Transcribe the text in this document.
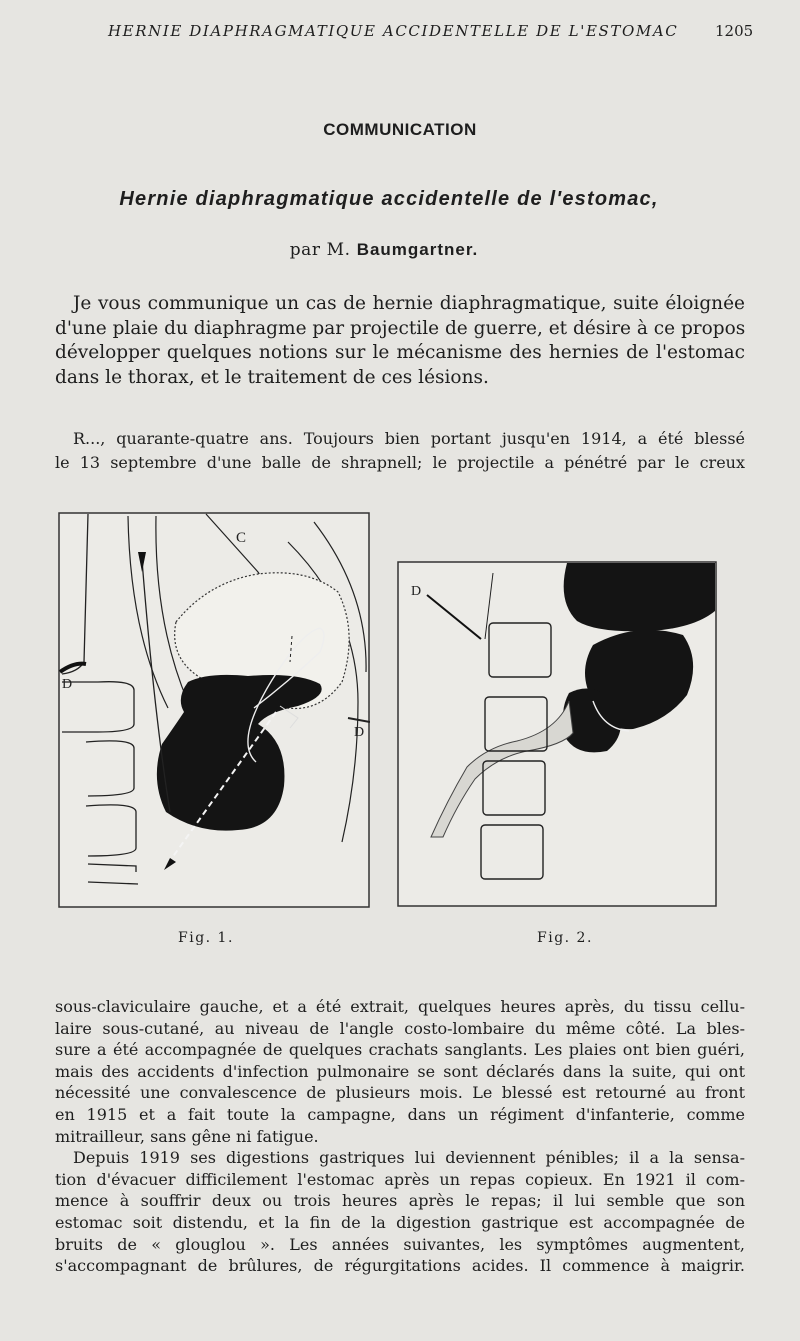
HERNIE DIAPHRAGMATIQUE ACCIDENTELLE DE L'ESTOMAC 1205
COMMUNICATION
Hernie diaphragmatique accidentelle de l'estomac,
par M. Baumgartner.
Je vous communique un cas de hernie diaphragmatique, suite éloignée
d'une plaie du diaphragme par projectile de guerre, et désire à ce propos
développer quelques notions sur le mécanisme des hernies de l'estomac
dans le thorax, et le traitement de ces lésions.
R..., quarante-quatre ans. Toujours bien portant jusqu'en 1914, a été blessé
le 13 septembre d'une balle de shrapnell; le projectile a pénétré par le creux
C
D
D
Fig. 1.
D
Fig. 2.
sous-claviculaire gauche, et a été extrait, quelques heures après, du tissu cellu-
laire sous-cutané, au niveau de l'angle costo-lombaire du même côté. La bles-
sure a été accompagnée de quelques crachats sanglants. Les plaies ont bien guéri,
mais des accidents d'infection pulmonaire se sont déclarés dans la suite, qui ont
nécessité une convalescence de plusieurs mois. Le blessé est retourné au front
en 1915 et a fait toute la campagne, dans un régiment d'infanterie, comme
mitrailleur, sans gêne ni fatigue.
Depuis 1919 ses digestions gastriques lui deviennent pénibles; il a la sensa-
tion d'évacuer difficilement l'estomac après un repas copieux. En 1921 il com-
mence à souffrir deux ou trois heures après le repas; il lui semble que son
estomac soit distendu, et la fin de la digestion gastrique est accompagnée de
bruits de « glouglou ». Les années suivantes, les symptômes augmentent,
s'accompagnant de brûlures, de régurgitations acides. Il commence à maigrir.
